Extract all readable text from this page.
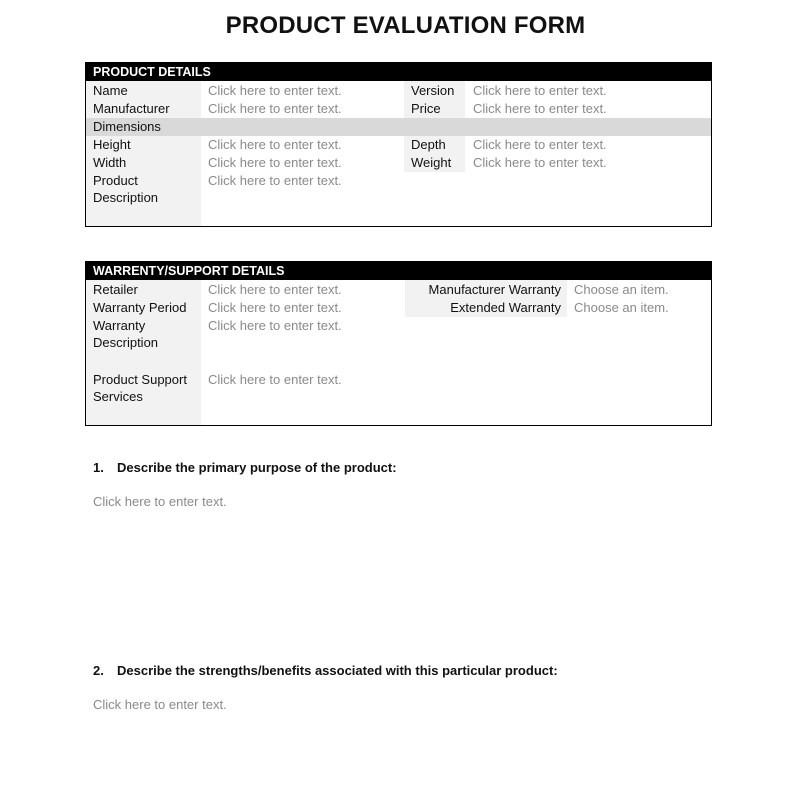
PRODUCT EVALUATION FORM
PRODUCT DETAILS
Name	Click here to enter text.	Version	Click here to enter text.
Manufacturer	Click here to enter text.	Price	Click here to enter text.
Dimensions
Height	Click here to enter text.	Depth	Click here to enter text.
Width	Click here to enter text.	Weight	Click here to enter text.
Product
Description
Click here to enter text.
WARRENTY/SUPPORT DETAILS
Retailer	Click here to enter text.	Manufacturer Warranty	Choose an item.
Warranty Period	Click here to enter text.	Extended Warranty	Choose an item.
Warranty
Description
Click here to enter text.
Product Support
Services
Click here to enter text.
1. Describe the primary purpose of the product:
Click here to enter text.
2. Describe the strengths/benefits associated with this particular product:
Click here to enter text.
